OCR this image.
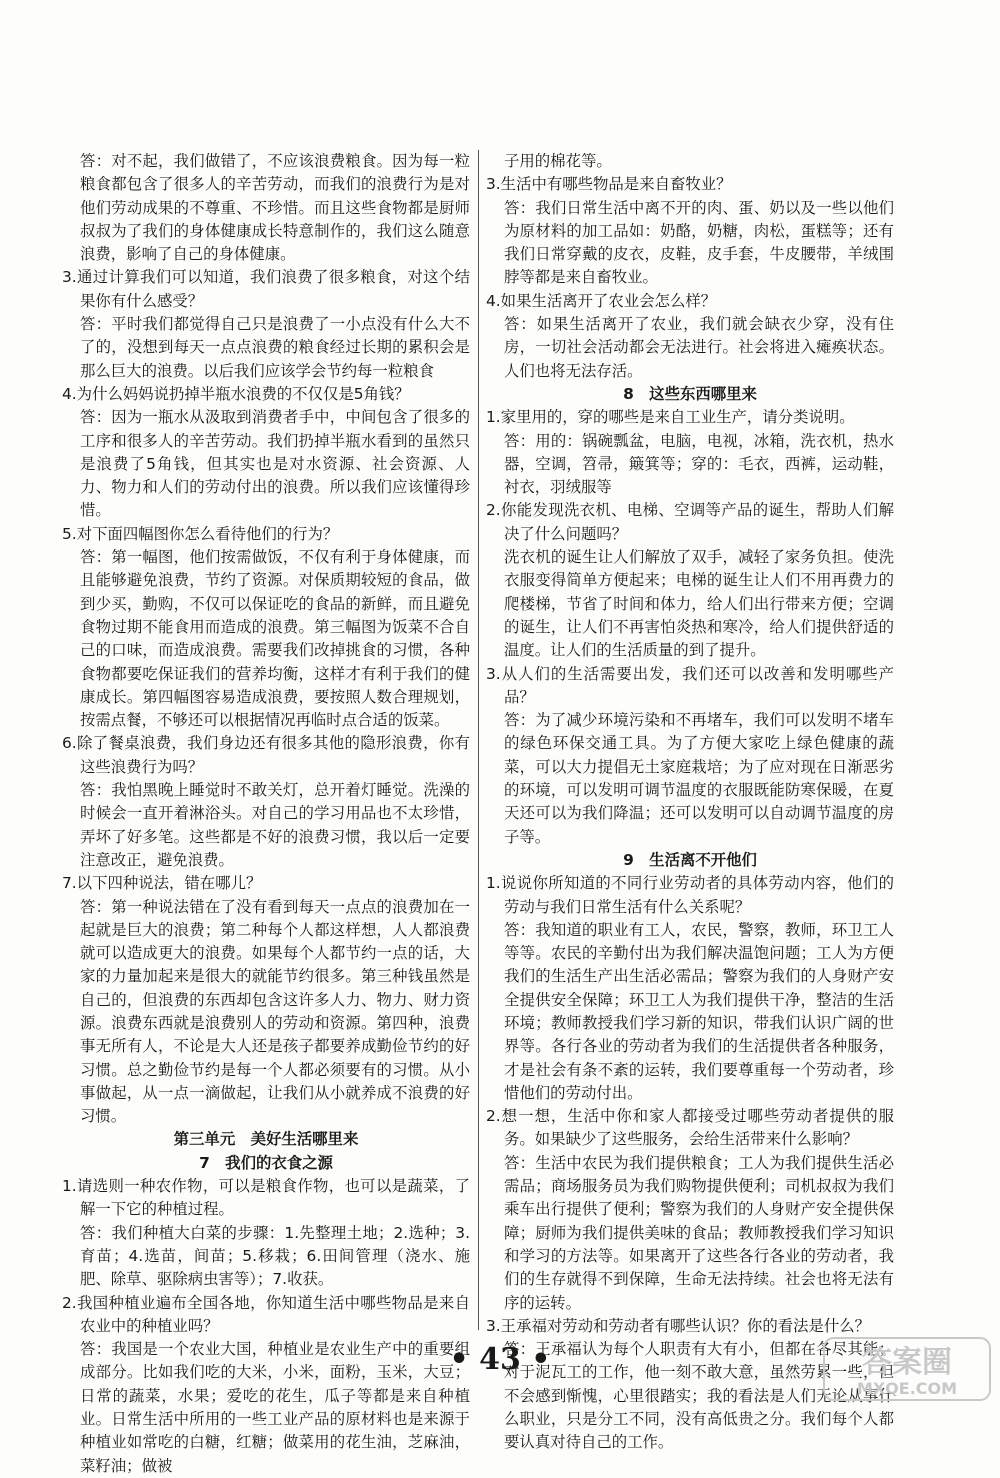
答：对不起，我们做错了，不应该浪费粮食。因为每一粒粮食都包含了很多人的辛苦劳动，而我们的浪费行为是对他们劳动成果的不尊重、不珍惜。而且这些食物都是厨师叔叔为了我们的身体健康成长特意制作的，我们这么随意浪费，影响了自己的身体健康。
3.通过计算我们可以知道，我们浪费了很多粮食，对这个结果你有什么感受？
答：平时我们都觉得自己只是浪费了一小点没有什么大不了的，没想到每天一点点浪费的粮食经过长期的累积会是那么巨大的浪费。以后我们应该学会节约每一粒粮食
4.为什么妈妈说扔掉半瓶水浪费的不仅仅是5角钱？
答：因为一瓶水从汲取到消费者手中，中间包含了很多的工序和很多人的辛苦劳动。我们扔掉半瓶水看到的虽然只是浪费了5角钱，但其实也是对水资源、社会资源、人力、物力和人们的劳动付出的浪费。所以我们应该懂得珍惜。
5.对下面四幅图你怎么看待他们的行为？
答：第一幅图，他们按需做饭，不仅有利于身体健康，而且能够避免浪费，节约了资源。对保质期较短的食品，做到少买，勤购，不仅可以保证吃的食品的新鲜，而且避免食物过期不能食用而造成的浪费。第三幅图为饭菜不合自己的口味，而造成浪费。需要我们改掉挑食的习惯，各种食物都要吃保证我们的营养均衡，这样才有利于我们的健康成长。第四幅图容易造成浪费，要按照人数合理规划，按需点餐，不够还可以根据情况再临时点合适的饭菜。
6.除了餐桌浪费，我们身边还有很多其他的隐形浪费，你有这些浪费行为吗？
答：我怕黑晚上睡觉时不敢关灯，总开着灯睡觉。洗澡的时候会一直开着淋浴头。对自己的学习用品也不太珍惜，弄坏了好多笔。这些都是不好的浪费习惯，我以后一定要注意改正，避免浪费。
7.以下四种说法，错在哪儿？
答：第一种说法错在了没有看到每天一点点的浪费加在一起就是巨大的浪费；第二种每个人都这样想，人人都浪费就可以造成更大的浪费。如果每个人都节约一点的话，大家的力量加起来是很大的就能节约很多。第三种钱虽然是自己的，但浪费的东西却包含这许多人力、物力、财力资源。浪费东西就是浪费别人的劳动和资源。第四种，浪费事无所有人，不论是大人还是孩子都要养成勤俭节约的好习惯。总之勤俭节约是每一个人都必须要有的习惯。从小事做起，从一点一滴做起，让我们从小就养成不浪费的好习惯。
第三单元　美好生活哪里来
7　我们的衣食之源
1.请选则一种农作物，可以是粮食作物，也可以是蔬菜，了解一下它的种植过程。
答：我们种植大白菜的步骤：1.先整理土地；2.选种；3.育苗；4.选苗，间苗；5.移栽；6.田间管理（浇水、施肥、除草、驱除病虫害等）；7.收获。
2.我国种植业遍布全国各地，你知道生活中哪些物品是来自农业中的种植业吗？
答：我国是一个农业大国，种植业是农业生产中的重要组成部分。比如我们吃的大米，小米，面粉，玉米，大豆；日常的蔬菜，水果；爱吃的花生，瓜子等都是来自种植业。日常生活中所用的一些工业产品的原材料也是来源于种植业如常吃的白糖，红糖；做菜用的花生油，芝麻油，菜籽油；做被
子用的棉花等。
3.生活中有哪些物品是来自畜牧业？
答：我们日常生活中离不开的肉、蛋、奶以及一些以他们为原材料的加工品如：奶酪，奶糖，肉松，蛋糕等；还有我们日常穿戴的皮衣，皮鞋，皮手套，牛皮腰带，羊绒围脖等都是来自畜牧业。
4.如果生活离开了农业会怎么样？
答：如果生活离开了农业，我们就会缺衣少穿，没有住房，一切社会活动都会无法进行。社会将进入瘫痪状态。人们也将无法存活。
8　这些东西哪里来
1.家里用的，穿的哪些是来自工业生产，请分类说明。
答：用的：锅碗瓢盆，电脑，电视，冰箱，洗衣机，热水器，空调，笤帚，簸箕等；穿的：毛衣，西裤，运动鞋，衬衣，羽绒服等
2.你能发现洗衣机、电梯、空调等产品的诞生，帮助人们解决了什么问题吗？
洗衣机的诞生让人们解放了双手，减轻了家务负担。使洗衣服变得简单方便起来；电梯的诞生让人们不用再费力的爬楼梯，节省了时间和体力，给人们出行带来方便；空调的诞生，让人们不再害怕炎热和寒冷，给人们提供舒适的温度。让人们的生活质量的到了提升。
3.从人们的生活需要出发，我们还可以改善和发明哪些产品？
答：为了减少环境污染和不再堵车，我们可以发明不堵车的绿色环保交通工具。为了方便大家吃上绿色健康的蔬菜，可以大力提倡无土家庭栽培；为了应对现在日渐恶劣的环境，可以发明可调节温度的衣服既能防寒保暖，在夏天还可以为我们降温；还可以发明可以自动调节温度的房子等。
9　生活离不开他们
1.说说你所知道的不同行业劳动者的具体劳动内容，他们的劳动与我们日常生活有什么关系呢？
答：我知道的职业有工人，农民，警察，教师，环卫工人等等。农民的辛勤付出为我们解决温饱问题；工人为方便我们的生活生产出生活必需品；警察为我们的人身财产安全提供安全保障；环卫工人为我们提供干净，整洁的生活环境；教师教授我们学习新的知识，带我们认识广阔的世界等。各行各业的劳动者为我们的生活提供者各种服务，才是社会有条不紊的运转，我们要尊重每一个劳动者，珍惜他们的劳动付出。
2.想一想，生活中你和家人都接受过哪些劳动者提供的服务。如果缺少了这些服务，会给生活带来什么影响？
答：生活中农民为我们提供粮食；工人为我们提供生活必需品；商场服务员为我们购物提供便利；司机叔叔为我们乘车出行提供了便利；警察为我们的人身财产安全提供保障；厨师为我们提供美味的食品；教师教授我们学习知识和学习的方法等。如果离开了这些各行各业的劳动者，我们的生存就得不到保障，生命无法持续。社会也将无法有序的运转。
3.王承福对劳动和劳动者有哪些认识？你的看法是什么？
答：王承福认为每个人职责有大有小，但都在各尽其能；对于泥瓦工的工作，他一刻不敢大意，虽然劳累一些，但不会感到惭愧，心里很踏实；我的看法是人们无论从事什么职业，只是分工不同，没有高低贵之分。我们每个人都要认真对待自己的工作。
• 43 •	答案圈
MXQE.COM
